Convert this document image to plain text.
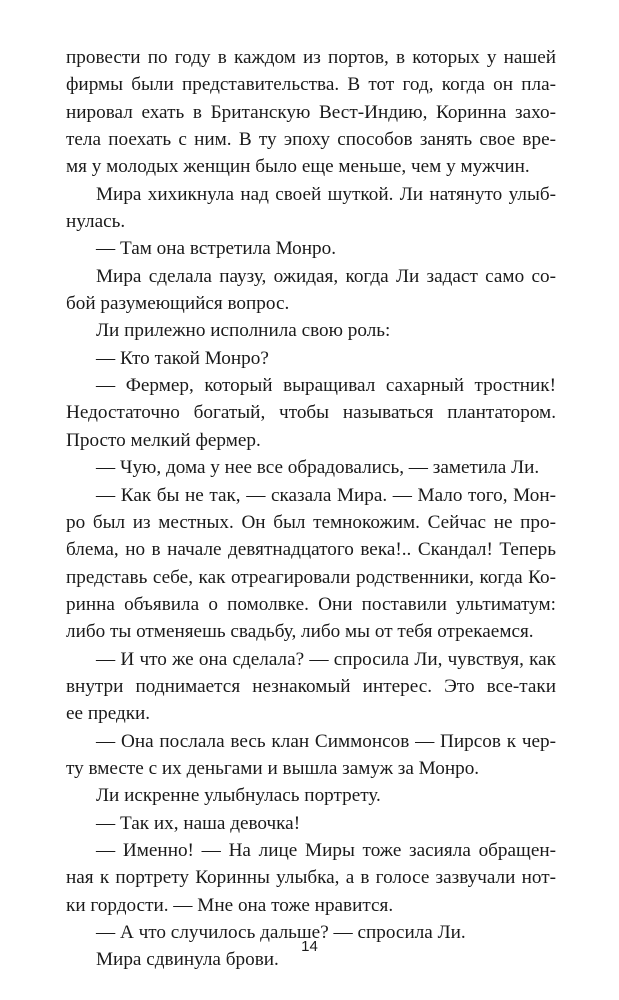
провести по году в каждом из портов, в которых у нашей
фирмы были представительства. В тот год, когда он пла-
нировал ехать в Британскую Вест-Индию, Коринна захо-
тела поехать с ним. В ту эпоху способов занять свое вре-
мя у молодых женщин было еще меньше, чем у мужчин.
Мира хихикнула над своей шуткой. Ли натянуто улыб-
нулась.
— Там она встретила Монро.
Мира сделала паузу, ожидая, когда Ли задаст само со-
бой разумеющийся вопрос.
Ли прилежно исполнила свою роль:
— Кто такой Монро?
— Фермер, который выращивал сахарный тростник!
Недостаточно богатый, чтобы называться плантатором.
Просто мелкий фермер.
— Чую, дома у нее все обрадовались, — заметила Ли.
— Как бы не так, — сказала Мира. — Мало того, Мон-
ро был из местных. Он был темнокожим. Сейчас не про-
блема, но в начале девятнадцатого века!.. Скандал! Теперь
представь себе, как отреагировали родственники, когда Ко-
ринна объявила о помолвке. Они поставили ультиматум:
либо ты отменяешь свадьбу, либо мы от тебя отрекаемся.
— И что же она сделала? — спросила Ли, чувствуя, как
внутри поднимается незнакомый интерес. Это все-таки
ее предки.
— Она послала весь клан Симмонсов — Пирсов к чер-
ту вместе с их деньгами и вышла замуж за Монро.
Ли искренне улыбнулась портрету.
— Так их, наша девочка!
— Именно! — На лице Миры тоже засияла обращен-
ная к портрету Коринны улыбка, а в голосе зазвучали нот-
ки гордости. — Мне она тоже нравится.
— А что случилось дальше? — спросила Ли.
Мира сдвинула брови.
14
